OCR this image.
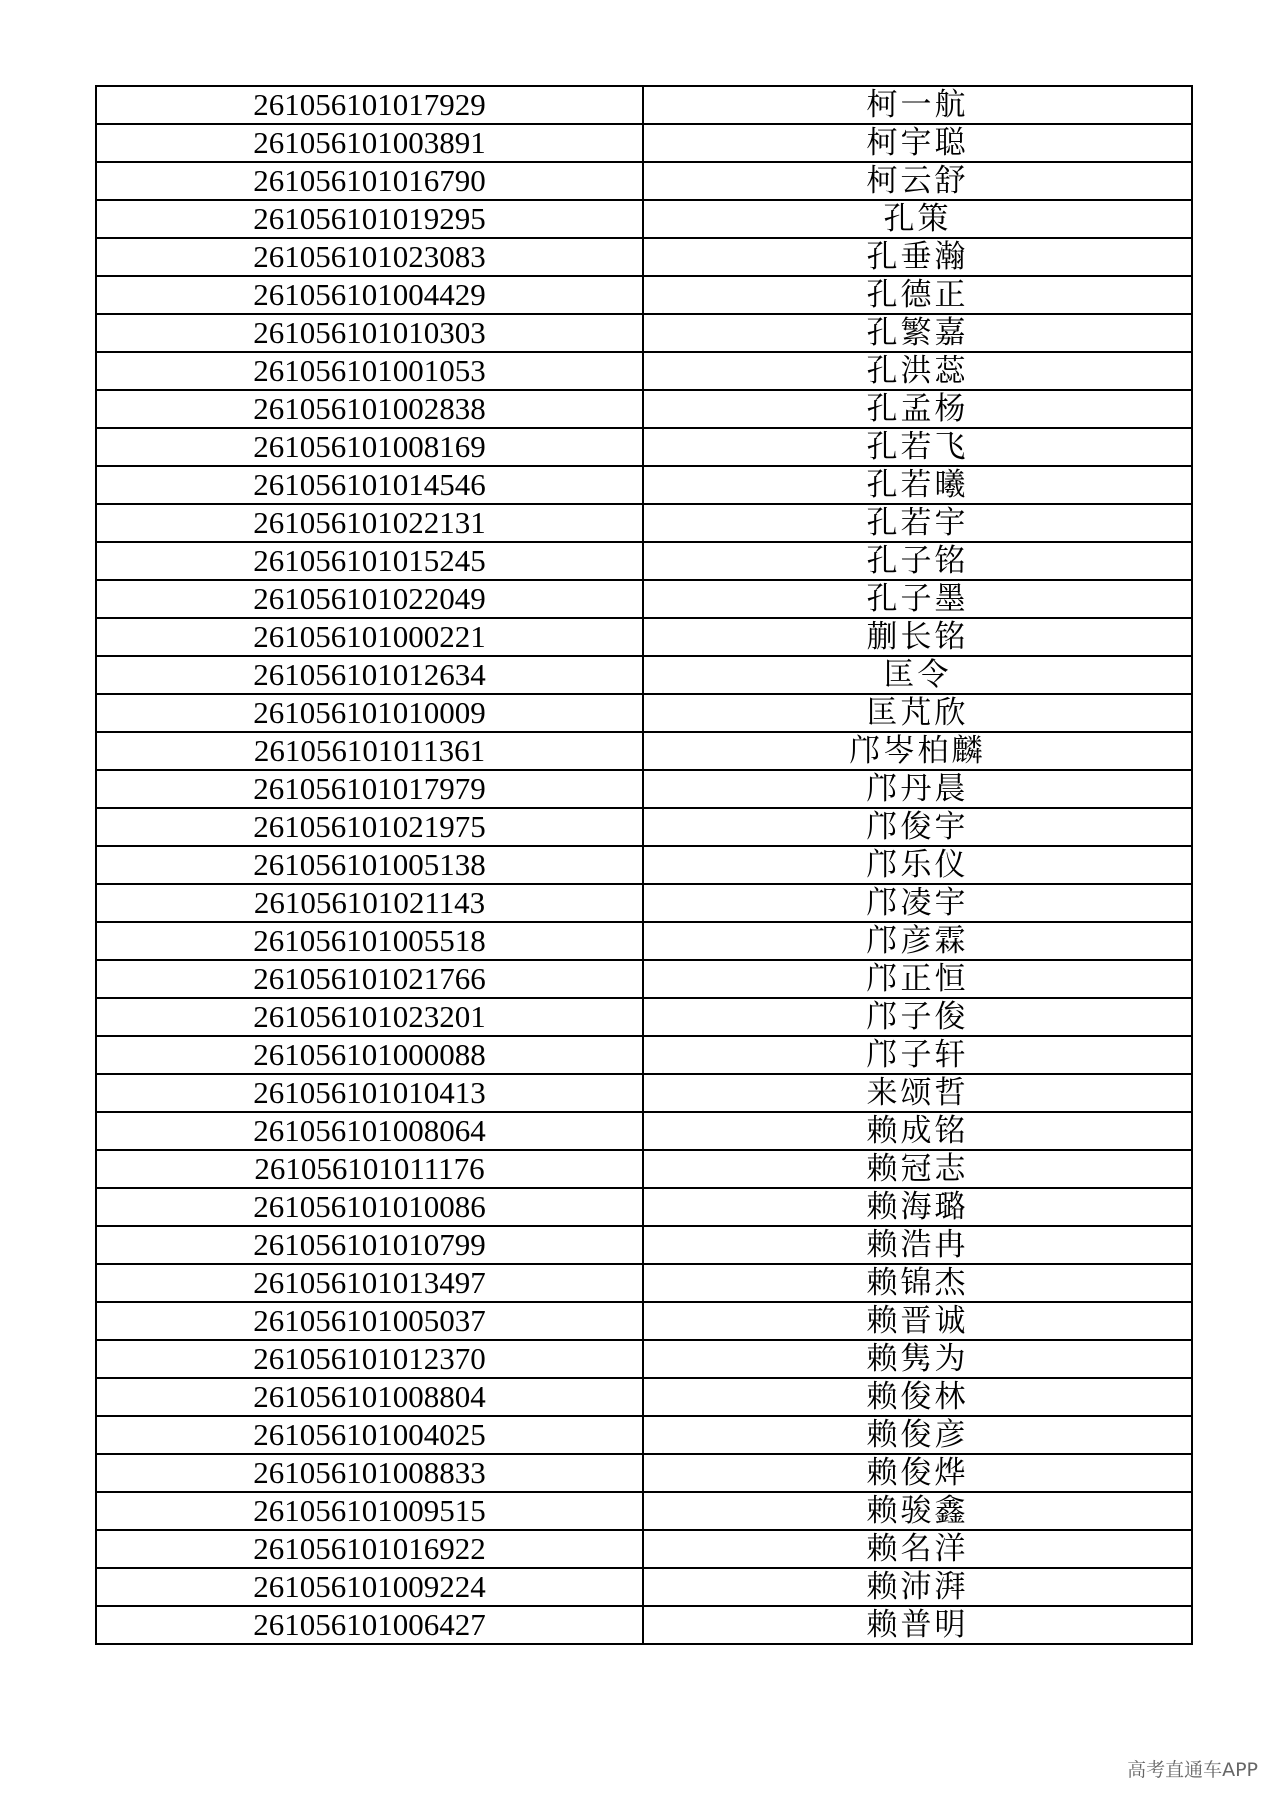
261056101017929	柯一航
261056101003891	柯宇聪
261056101016790	柯云舒
261056101019295	孔策
261056101023083	孔垂瀚
261056101004429	孔德正
261056101010303	孔繁嘉
261056101001053	孔洪蕊
261056101002838	孔孟杨
261056101008169	孔若飞
261056101014546	孔若曦
261056101022131	孔若宇
261056101015245	孔子铭
261056101022049	孔子墨
261056101000221	蒯长铭
261056101012634	匡令
261056101010009	匡芃欣
261056101011361	邝岑柏麟
261056101017979	邝丹晨
261056101021975	邝俊宇
261056101005138	邝乐仪
261056101021143	邝凌宇
261056101005518	邝彦霖
261056101021766	邝正恒
261056101023201	邝子俊
261056101000088	邝子轩
261056101010413	来颂哲
261056101008064	赖成铭
261056101011176	赖冠志
261056101010086	赖海璐
261056101010799	赖浩冉
261056101013497	赖锦杰
261056101005037	赖晋诚
261056101012370	赖隽为
261056101008804	赖俊林
261056101004025	赖俊彦
261056101008833	赖俊烨
261056101009515	赖骏鑫
261056101016922	赖名洋
261056101009224	赖沛湃
261056101006427	赖普明
高考直通车APP
